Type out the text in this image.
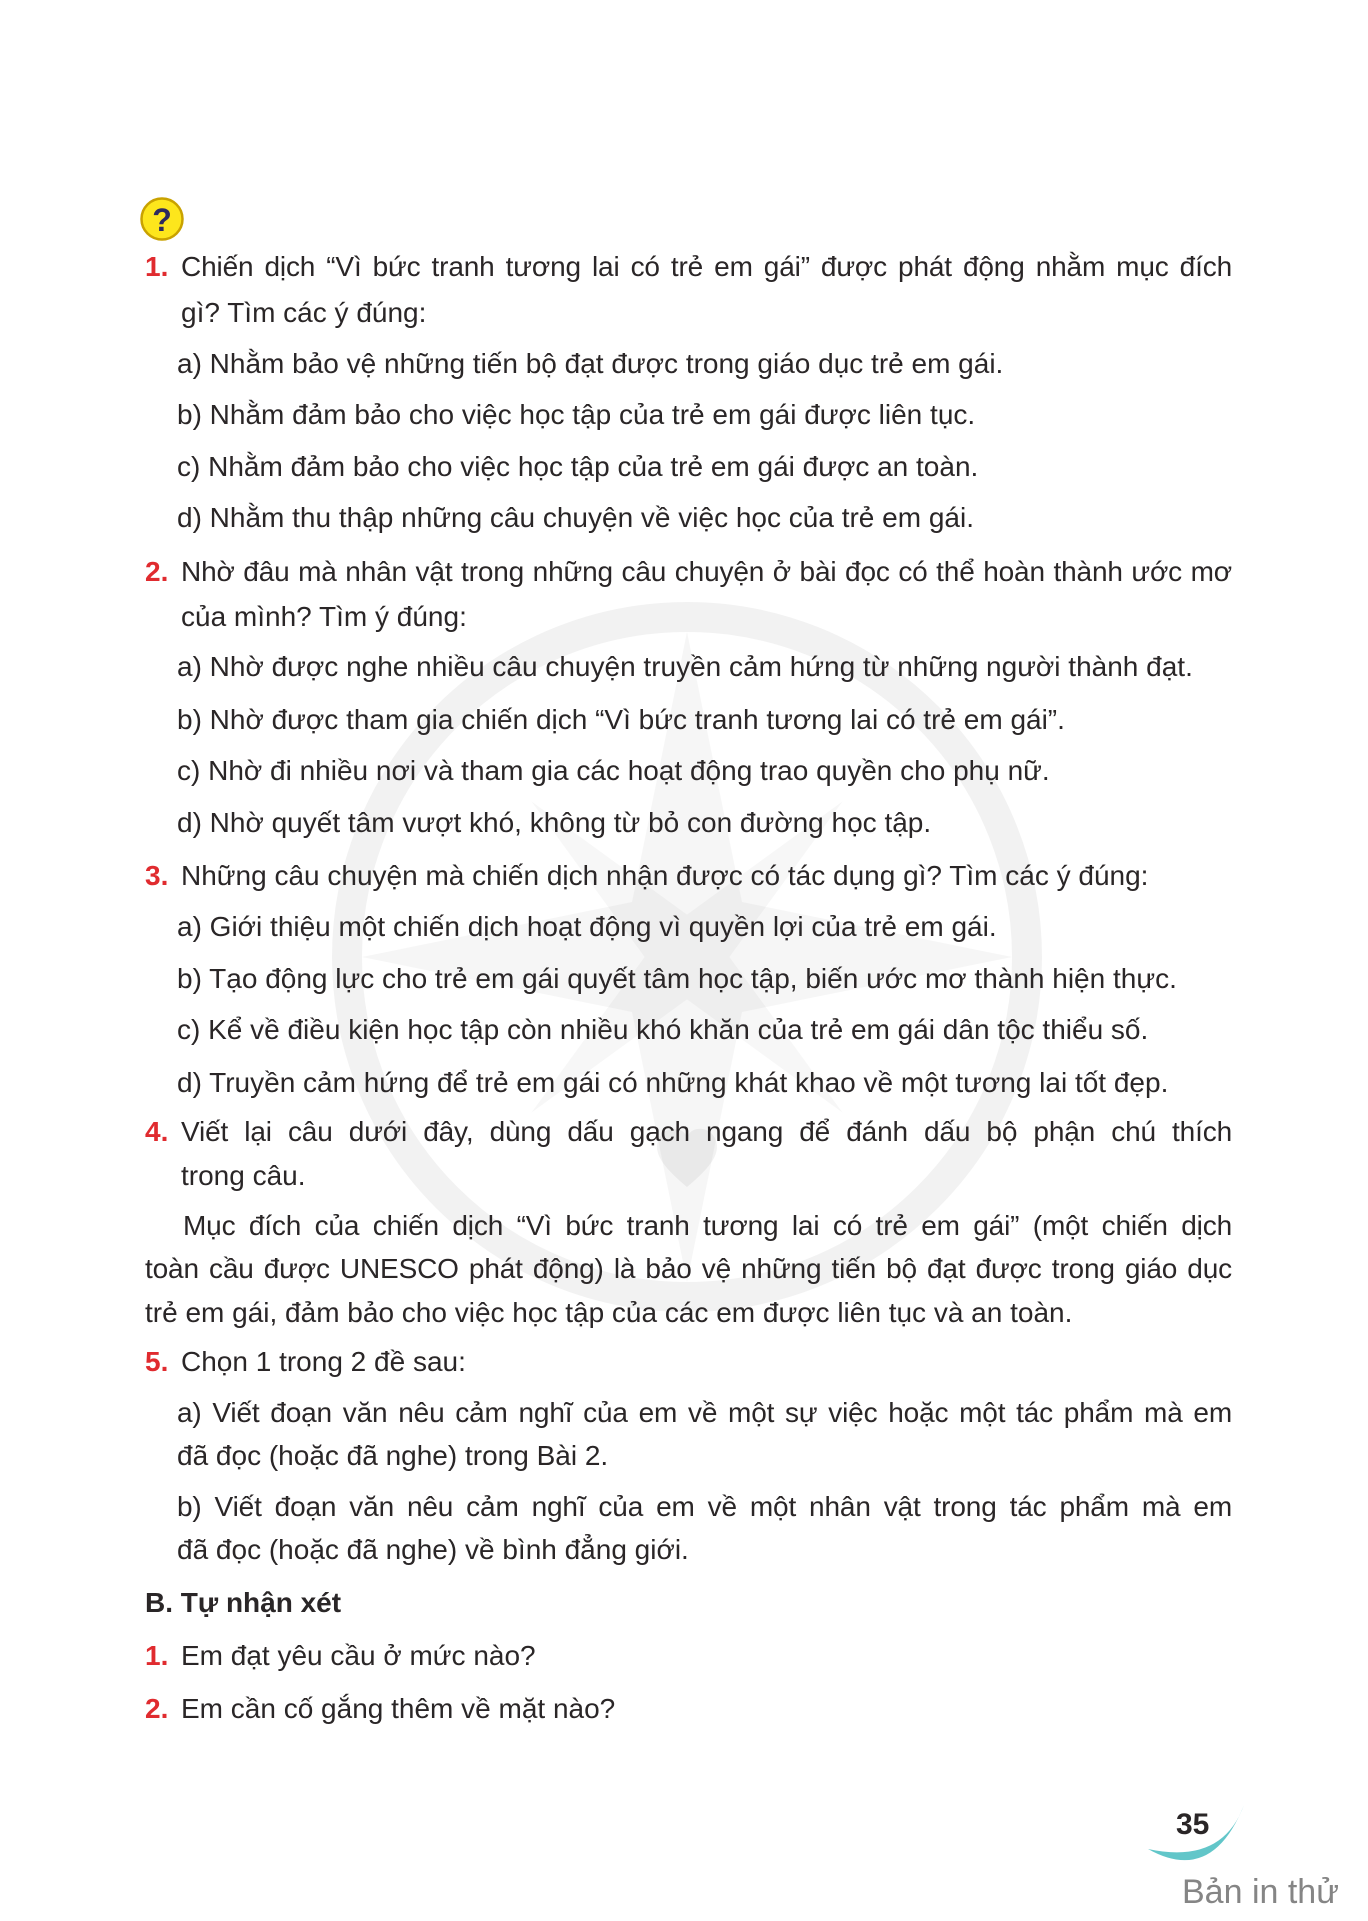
?
1. Chiến dịch “Vì bức tranh tương lai có trẻ em gái” được phát động nhằm mục đích
gì? Tìm các ý đúng:
a) Nhằm bảo vệ những tiến bộ đạt được trong giáo dục trẻ em gái.
b) Nhằm đảm bảo cho việc học tập của trẻ em gái được liên tục.
c) Nhằm đảm bảo cho việc học tập của trẻ em gái được an toàn.
d) Nhằm thu thập những câu chuyện về việc học của trẻ em gái.
2. Nhờ đâu mà nhân vật trong những câu chuyện ở bài đọc có thể hoàn thành ước mơ
của mình? Tìm ý đúng:
a) Nhờ được nghe nhiều câu chuyện truyền cảm hứng từ những người thành đạt.
b) Nhờ được tham gia chiến dịch “Vì bức tranh tương lai có trẻ em gái”.
c) Nhờ đi nhiều nơi và tham gia các hoạt động trao quyền cho phụ nữ.
d) Nhờ quyết tâm vượt khó, không từ bỏ con đường học tập.
3. Những câu chuyện mà chiến dịch nhận được có tác dụng gì? Tìm các ý đúng:
a) Giới thiệu một chiến dịch hoạt động vì quyền lợi của trẻ em gái.
b) Tạo động lực cho trẻ em gái quyết tâm học tập, biến ước mơ thành hiện thực.
c) Kể về điều kiện học tập còn nhiều khó khăn của trẻ em gái dân tộc thiểu số.
d) Truyền cảm hứng để trẻ em gái có những khát khao về một tương lai tốt đẹp.
4. Viết lại câu dưới đây, dùng dấu gạch ngang để đánh dấu bộ phận chú thích
trong câu.
Mục đích của chiến dịch “Vì bức tranh tương lai có trẻ em gái” (một chiến dịch
toàn cầu được UNESCO phát động) là bảo vệ những tiến bộ đạt được trong giáo dục
trẻ em gái, đảm bảo cho việc học tập của các em được liên tục và an toàn.
5. Chọn 1 trong 2 đề sau:
a) Viết đoạn văn nêu cảm nghĩ của em về một sự việc hoặc một tác phẩm mà em
đã đọc (hoặc đã nghe) trong Bài 2.
b) Viết đoạn văn nêu cảm nghĩ của em về một nhân vật trong tác phẩm mà em
đã đọc (hoặc đã nghe) về bình đẳng giới.
B. Tự nhận xét
1. Em đạt yêu cầu ở mức nào?
2. Em cần cố gắng thêm về mặt nào?
35
Bản in thử
